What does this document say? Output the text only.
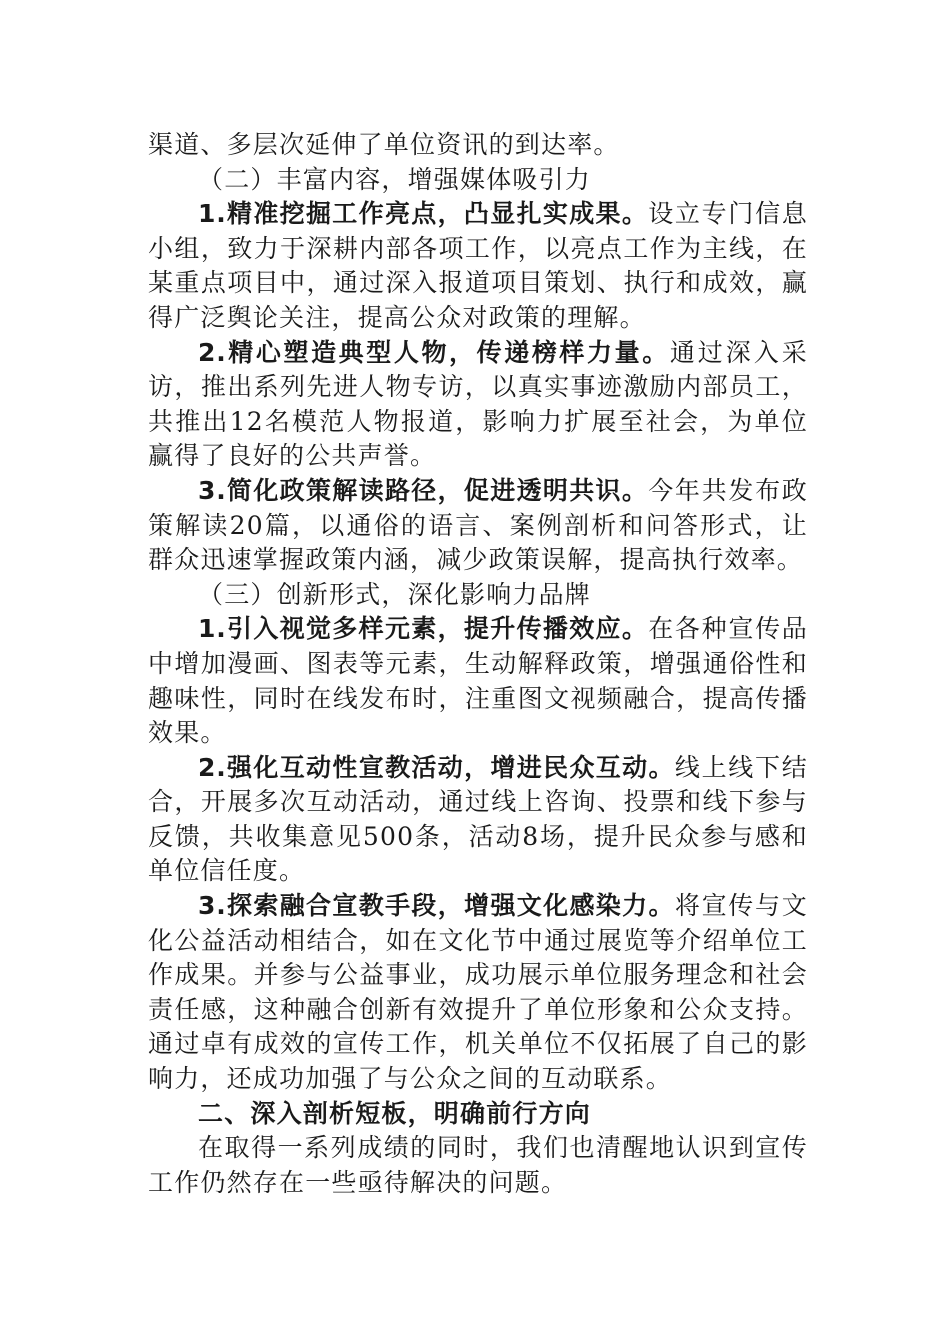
渠道、多层次延伸了单位资讯的到达率。

（二）丰富内容，增强媒体吸引力

1.精准挖掘工作亮点，凸显扎实成果。设立专门信息小组，致力于深耕内部各项工作，以亮点工作为主线，在某重点项目中，通过深入报道项目策划、执行和成效，赢得广泛舆论关注，提高公众对政策的理解。

2.精心塑造典型人物，传递榜样力量。通过深入采访，推出系列先进人物专访，以真实事迹激励内部员工，共推出12名模范人物报道，影响力扩展至社会，为单位赢得了良好的公共声誉。

3.简化政策解读路径，促进透明共识。今年共发布政策解读20篇，以通俗的语言、案例剖析和问答形式，让群众迅速掌握政策内涵，减少政策误解，提高执行效率。

（三）创新形式，深化影响力品牌

1.引入视觉多样元素，提升传播效应。在各种宣传品中增加漫画、图表等元素，生动解释政策，增强通俗性和趣味性，同时在线发布时，注重图文视频融合，提高传播效果。

2.强化互动性宣教活动，增进民众互动。线上线下结合，开展多次互动活动，通过线上咨询、投票和线下参与反馈，共收集意见500条，活动8场，提升民众参与感和单位信任度。

3.探索融合宣教手段，增强文化感染力。将宣传与文化公益活动相结合，如在文化节中通过展览等介绍单位工作成果。并参与公益事业，成功展示单位服务理念和社会责任感，这种融合创新有效提升了单位形象和公众支持。通过卓有成效的宣传工作，机关单位不仅拓展了自己的影响力，还成功加强了与公众之间的互动联系。

二、深入剖析短板，明确前行方向

在取得一系列成绩的同时，我们也清醒地认识到宣传工作仍然存在一些亟待解决的问题。
